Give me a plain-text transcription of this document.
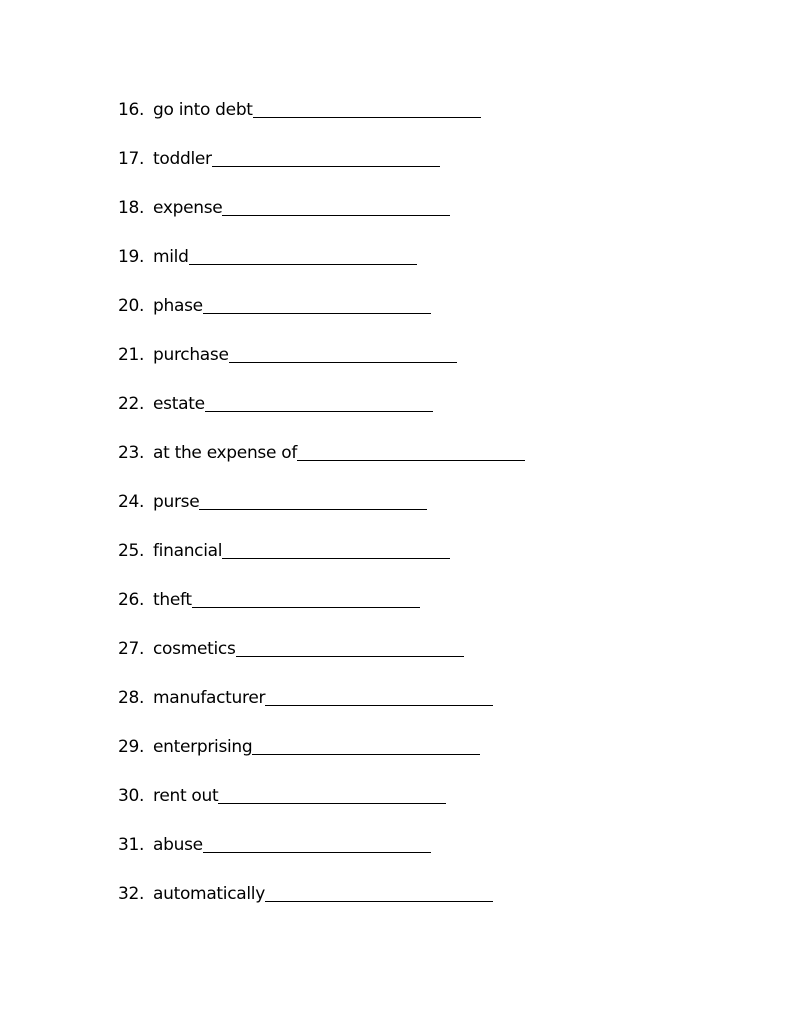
16. go into debt
17. toddler
18. expense
19. mild
20. phase
21. purchase
22. estate
23. at the expense of
24. purse
25. financial
26. theft
27. cosmetics
28. manufacturer
29. enterprising
30. rent out
31. abuse
32. automatically
